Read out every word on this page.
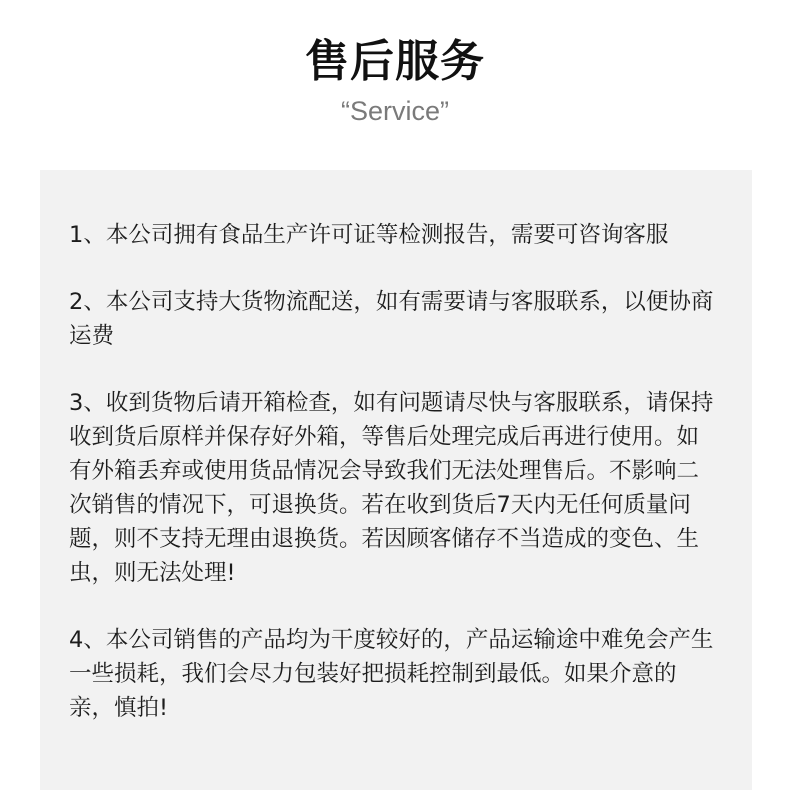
售后服务
“Service”

1、本公司拥有食品生产许可证等检测报告，需要可咨询客服

2、本公司支持大货物流配送，如有需要请与客服联系，以便协商运费

3、收到货物后请开箱检查，如有问题请尽快与客服联系，请保持收到货后原样并保存好外箱，等售后处理完成后再进行使用。如有外箱丢弃或使用货品情况会导致我们无法处理售后。不影响二次销售的情况下，可退换货。若在收到货后7天内无任何质量问题，则不支持无理由退换货。若因顾客储存不当造成的变色、生虫，则无法处理!

4、本公司销售的产品均为干度较好的，产品运输途中难免会产生一些损耗，我们会尽力包装好把损耗控制到最低。如果介意的亲，慎拍!
